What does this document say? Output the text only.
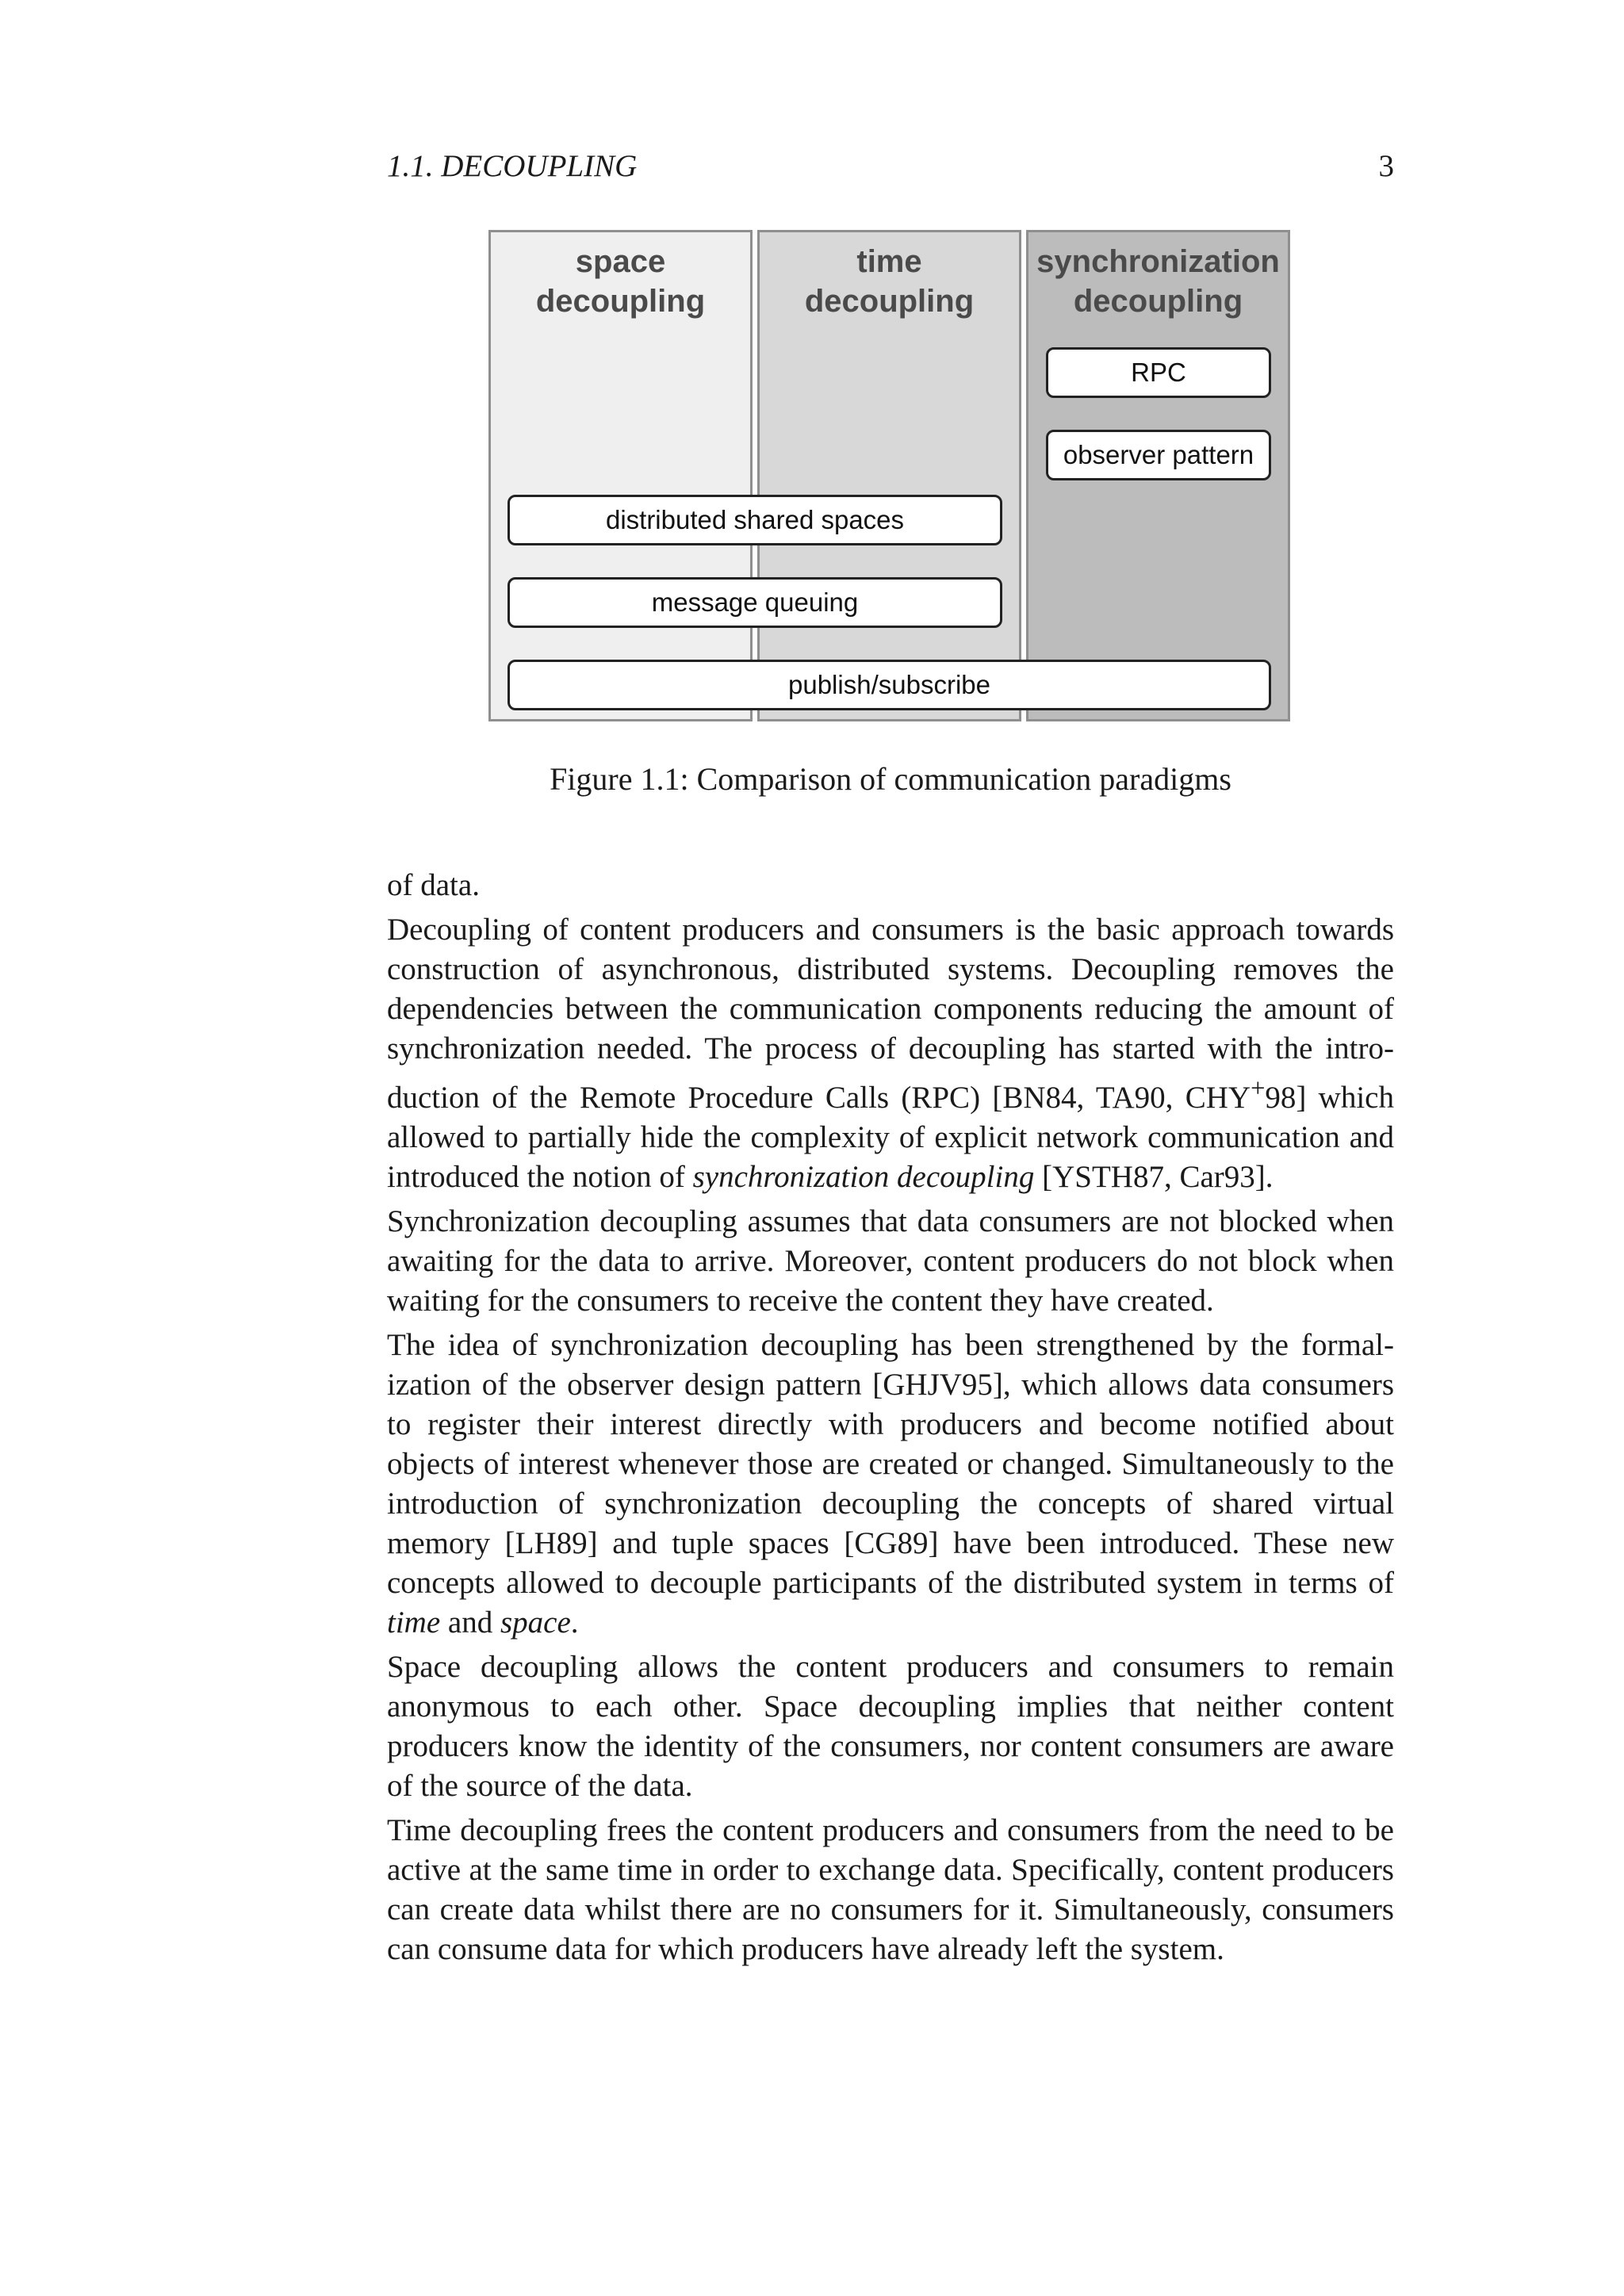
1.1. DECOUPLING	3
space
decoupling
time
decoupling
synchronization
decoupling
RPC
observer pattern
distributed shared spaces
message queuing
publish/subscribe
Figure 1.1: Comparison of communication paradigms

of data.

Decoupling of content producers and consumers is the basic approach towards construction of asynchronous, distributed systems. Decoupling removes the dependencies between the communication components reducing the amount of synchronization needed. The process of decoupling has started with the introduction of the Remote Procedure Calls (RPC) [BN84, TA90, CHY+98] which allowed to partially hide the complexity of explicit network communication and introduced the notion of synchronization decoupling [YSTH87, Car93].

Synchronization decoupling assumes that data consumers are not blocked when awaiting for the data to arrive. Moreover, content producers do not block when waiting for the consumers to receive the content they have created.

The idea of synchronization decoupling has been strengthened by the formalization of the observer design pattern [GHJV95], which allows data consumers to register their interest directly with producers and become notified about objects of interest whenever those are created or changed. Simultaneously to the introduction of synchronization decoupling the concepts of shared virtual memory [LH89] and tuple spaces [CG89] have been introduced. These new concepts allowed to decouple participants of the distributed system in terms of time and space.

Space decoupling allows the content producers and consumers to remain anonymous to each other. Space decoupling implies that neither content producers know the identity of the consumers, nor content consumers are aware of the source of the data.

Time decoupling frees the content producers and consumers from the need to be active at the same time in order to exchange data. Specifically, content producers can create data whilst there are no consumers for it. Simultaneously, consumers can consume data for which producers have already left the system.
